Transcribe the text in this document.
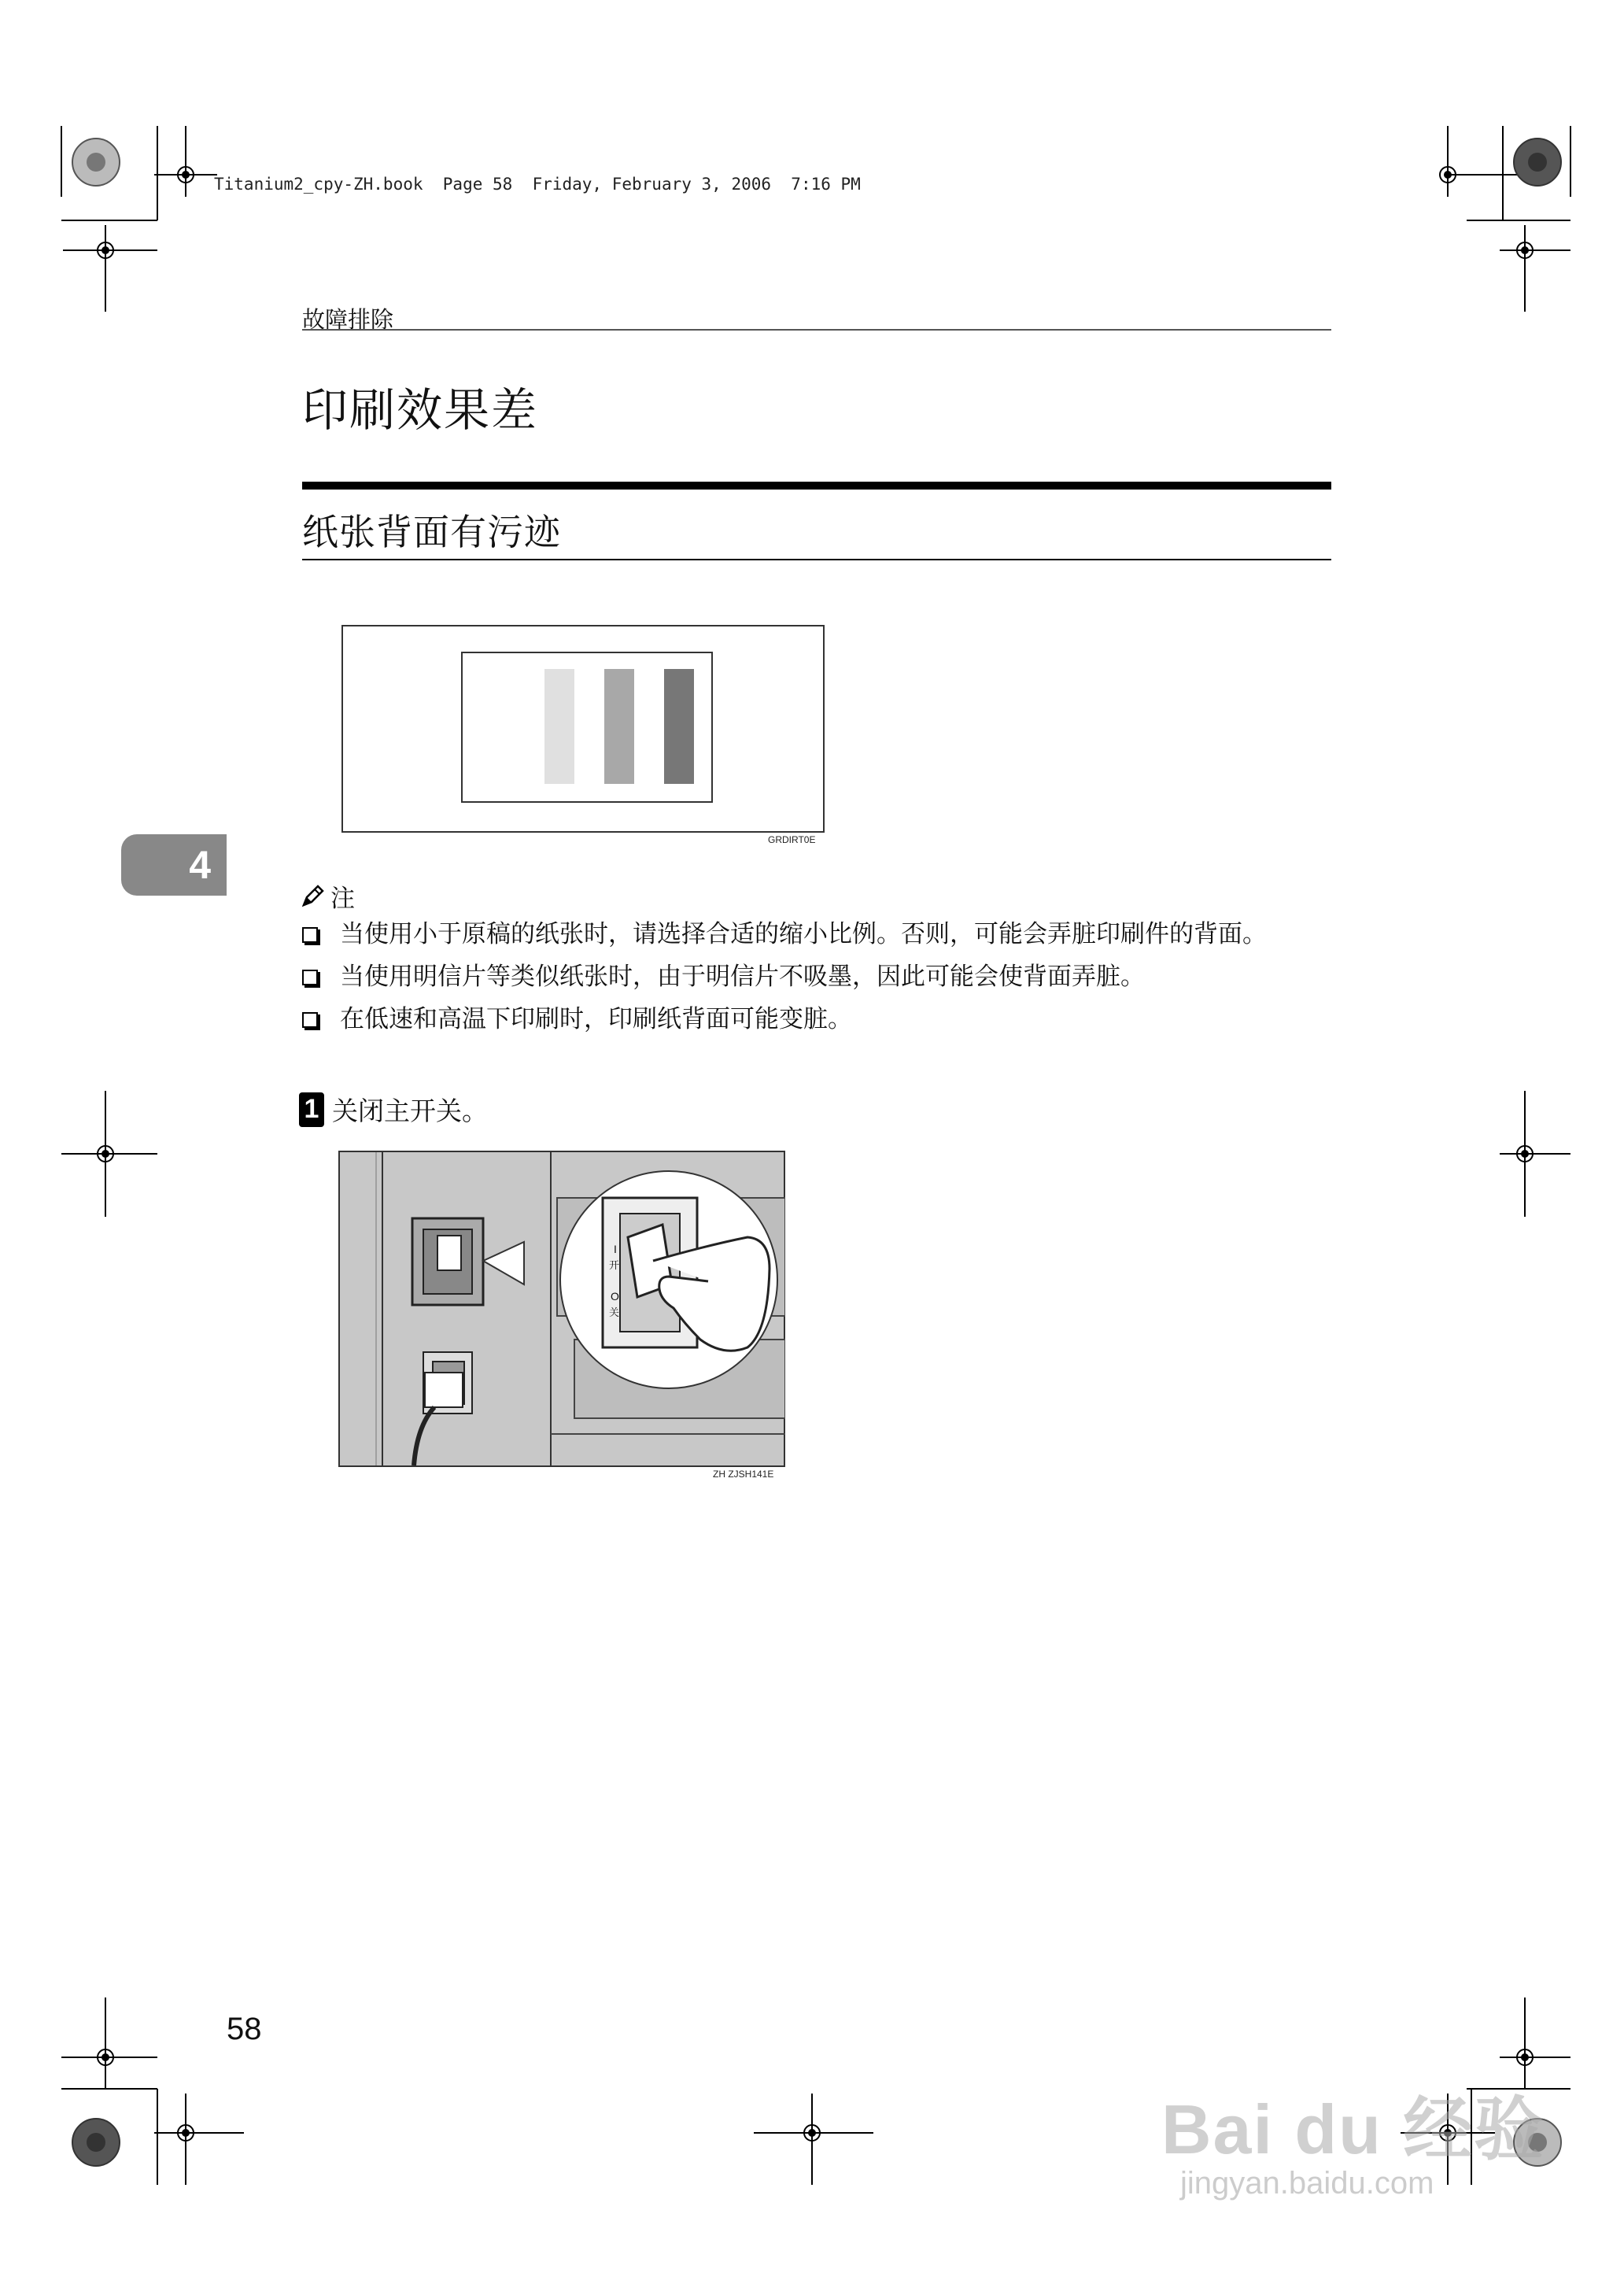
Titanium2_cpy-ZH.book  Page 58  Friday, February 3, 2006  7:16 PM
故障排除
印刷效果差
纸张背面有污迹
GRDIRT0E
4
注
当使用小于原稿的纸张时，请选择合适的缩小比例。否则，可能会弄脏印刷件的背面。
当使用明信片等类似纸张时，由于明信片不吸墨，因此可能会使背面弄脏。
在低速和高温下印刷时，印刷纸背面可能变脏。
1 关闭主开关。
I
开
O
关
ZH ZJSH141E
58
Bai du 经验
jingyan.baidu.com
